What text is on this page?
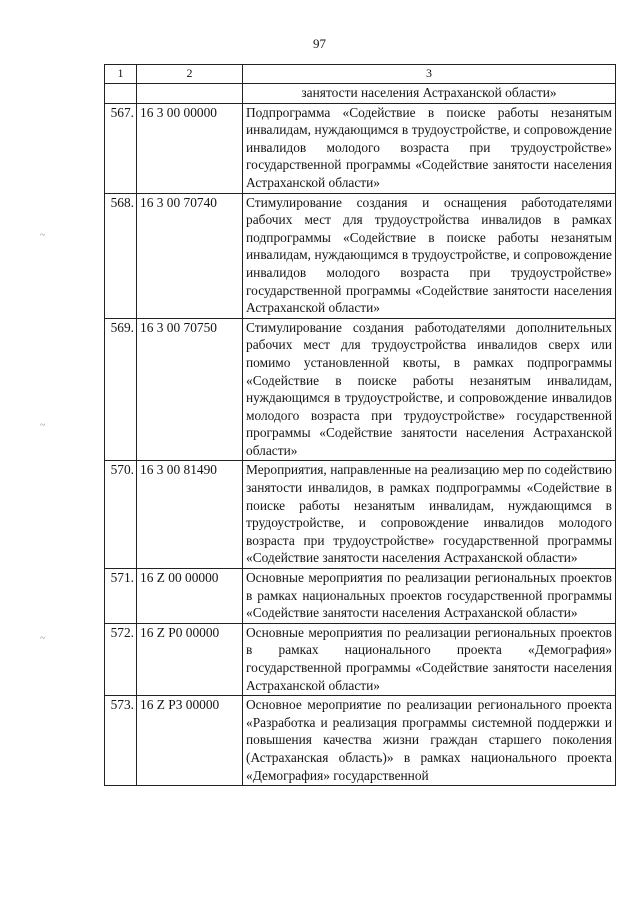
97
~
~
~
1	2	3
		занятости населения Астраханской области»
567.	16 3 00 00000	Подпрограмма «Содействие в поиске работы незанятым инвалидам, нуждающимся в трудоустройстве, и сопровождение инвалидов молодого возраста при трудоустройстве» государственной программы «Содействие занятости населения Астраханской области»
568.	16 3 00 70740	Стимулирование создания и оснащения работодателями рабочих мест для трудоустройства инвалидов в рамках подпрограммы «Содействие в поиске работы незанятым инвалидам, нуждающимся в трудоустройстве, и сопровождение инвалидов молодого возраста при трудоустройстве» государственной программы «Содействие занятости населения Астраханской области»
569.	16 3 00 70750	Стимулирование создания работодателями дополнительных рабочих мест для трудоустройства инвалидов сверх или помимо установленной квоты, в рамках подпрограммы «Содействие в поиске работы незанятым инвалидам, нуждающимся в трудоустройстве, и сопровождение инвалидов молодого возраста при трудоустройстве» государственной программы «Содействие занятости населения Астраханской области»
570.	16 3 00 81490	Мероприятия, направленные на реализацию мер по содействию занятости инвалидов, в рамках подпрограммы «Содействие в поиске работы незанятым инвалидам, нуждающимся в трудоустройстве, и сопровождение инвалидов молодого возраста при трудоустройстве» государственной программы «Содействие занятости населения Астраханской области»
571.	16 Z 00 00000	Основные мероприятия по реализации региональных проектов в рамках национальных проектов государственной программы «Содействие занятости населения Астраханской области»
572.	16 Z P0 00000	Основные мероприятия по реализации региональных проектов в рамках национального проекта «Демография» государственной программы «Содействие занятости населения Астраханской области»
573.	16 Z P3 00000	Основное мероприятие по реализации регионального проекта «Разработка и реализация программы системной поддержки и повышения качества жизни граждан старшего поколения (Астраханская область)» в рамках национального проекта «Демография» государственной
